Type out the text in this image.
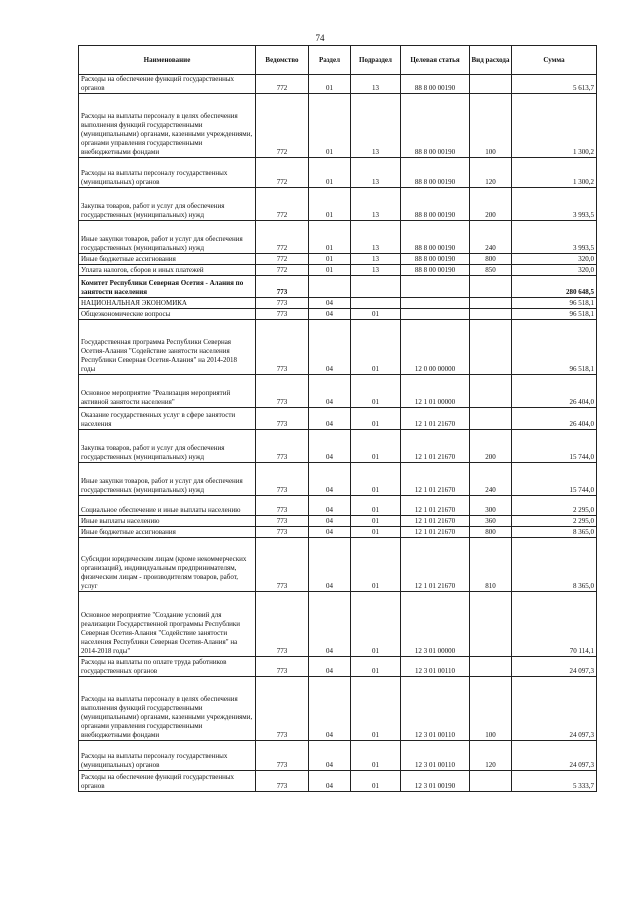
74
Наименование	Ведомство	Раздел	Подраздел	Целевая статья	Вид расхода	Сумма
Расходы на обеспечение функций государственных органов	772	01	13	88 8 00 00190		5 613,7
Расходы на выплаты персоналу в целях обеспечения выполнения функций государственными (муниципальными) органами, казенными учреждениями, органами управления государственными внебюджетными фондами	772	01	13	88 8 00 00190	100	1 300,2
Расходы на выплаты персоналу государственных (муниципальных) органов	772	01	13	88 8 00 00190	120	1 300,2
Закупка товаров, работ и услуг для обеспечения государственных (муниципальных) нужд	772	01	13	88 8 00 00190	200	3 993,5
Иные закупки товаров, работ и услуг для обеспечения государственных (муниципальных) нужд	772	01	13	88 8 00 00190	240	3 993,5
Иные бюджетные ассигнования	772	01	13	88 8 00 00190	800	320,0
Уплата налогов, сборов и иных платежей	772	01	13	88 8 00 00190	850	320,0
Комитет Республики Северная Осетия - Алания по занятости населения	773					280 648,5
НАЦИОНАЛЬНАЯ ЭКОНОМИКА	773	04				96 518,1
Общеэкономические вопросы	773	04	01			96 518,1
Государственная программа Республики Северная Осетия-Алания "Содействие занятости населения Республики Северная Осетия-Алания" на 2014-2018 годы	773	04	01	12 0 00 00000		96 518,1
Основное мероприятие "Реализация мероприятий активной занятости населения"	773	04	01	12 1 01 00000		26 404,0
Оказание государственных услуг в сфере занятости населения	773	04	01	12 1 01 21670		26 404,0
Закупка товаров, работ и услуг для обеспечения государственных (муниципальных) нужд	773	04	01	12 1 01 21670	200	15 744,0
Иные закупки товаров, работ и услуг для обеспечения государственных (муниципальных) нужд	773	04	01	12 1 01 21670	240	15 744,0
Социальное обеспечение и иные выплаты населению	773	04	01	12 1 01 21670	300	2 295,0
Иные выплаты населению	773	04	01	12 1 01 21670	360	2 295,0
Иные бюджетные ассигнования	773	04	01	12 1 01 21670	800	8 365,0
Субсидии юридическим лицам (кроме некоммерческих организаций), индивидуальным предпринимателям, физическим лицам - производителям товаров, работ, услуг	773	04	01	12 1 01 21670	810	8 365,0
Основное мероприятие "Создание условий для реализации Государственной программы Республики Северная Осетия-Алания "Содействие занятости населения Республики Северная Осетия-Алания" на 2014-2018 годы"	773	04	01	12 3 01 00000		70 114,1
Расходы на выплаты по оплате труда работников государственных органов	773	04	01	12 3 01 00110		24 097,3
Расходы на выплаты персоналу в целях обеспечения выполнения функций государственными (муниципальными) органами, казенными учреждениями, органами управления государственными внебюджетными фондами	773	04	01	12 3 01 00110	100	24 097,3
Расходы на выплаты персоналу государственных (муниципальных) органов	773	04	01	12 3 01 00110	120	24 097,3
Расходы на обеспечение функций государственных органов	773	04	01	12 3 01 00190		5 333,7
